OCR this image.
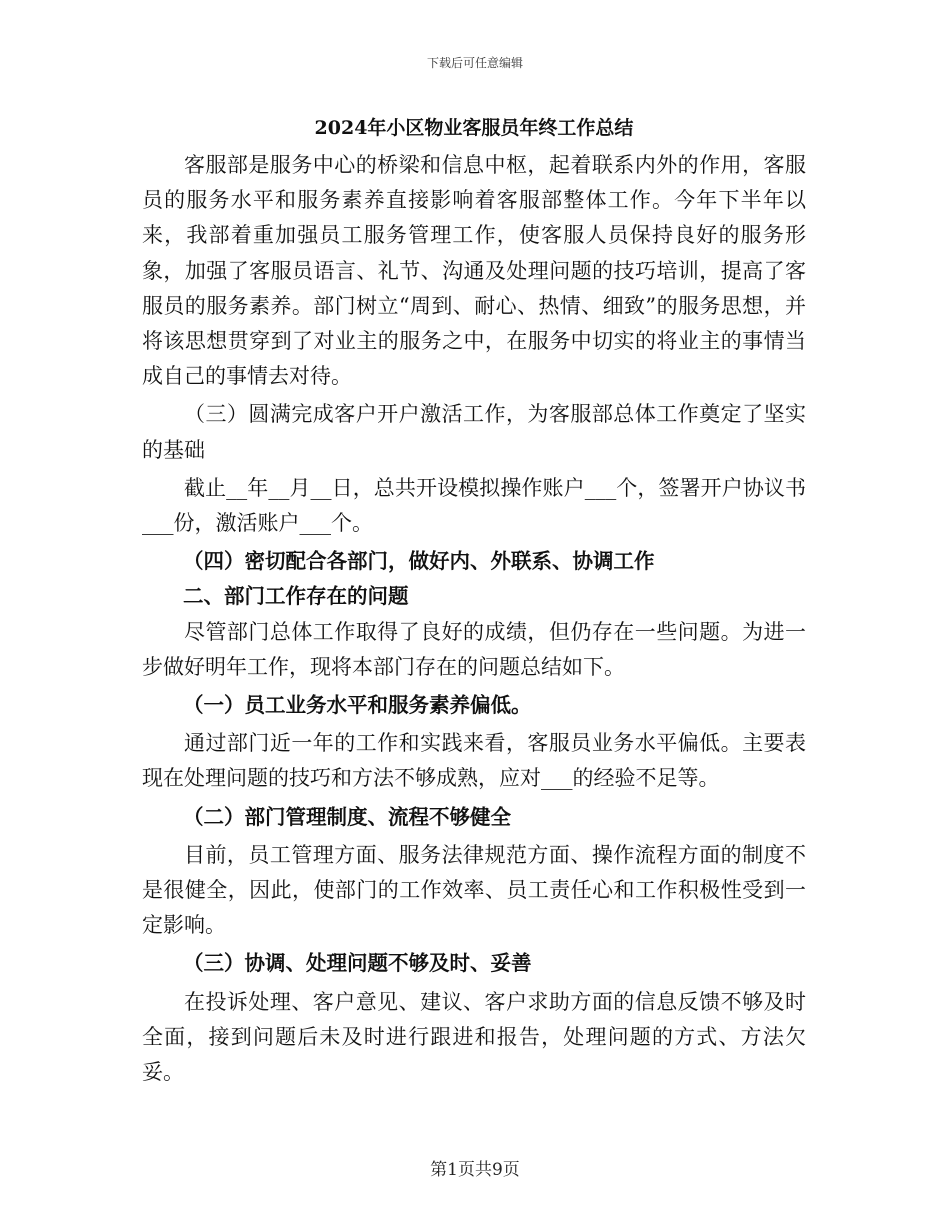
下载后可任意编辑
2024年小区物业客服员年终工作总结

客服部是服务中心的桥梁和信息中枢，起着联系内外的作用，客服员的服务水平和服务素养直接影响着客服部整体工作。今年下半年以来，我部着重加强员工服务管理工作，使客服人员保持良好的服务形象，加强了客服员语言、礼节、沟通及处理问题的技巧培训，提高了客服员的服务素养。部门树立“周到、耐心、热情、细致”的服务思想，并将该思想贯穿到了对业主的服务之中，在服务中切实的将业主的事情当成自己的事情去对待。

（三）圆满完成客户开户激活工作，为客服部总体工作奠定了坚实的基础

截止__年__月__日，总共开设模拟操作账户___个，签署开户协议书___份，激活账户___个。

（四）密切配合各部门，做好内、外联系、协调工作

二、部门工作存在的问题

尽管部门总体工作取得了良好的成绩，但仍存在一些问题。为进一步做好明年工作，现将本部门存在的问题总结如下。

（一）员工业务水平和服务素养偏低。

通过部门近一年的工作和实践来看，客服员业务水平偏低。主要表现在处理问题的技巧和方法不够成熟，应对___的经验不足等。

（二）部门管理制度、流程不够健全

目前，员工管理方面、服务法律规范方面、操作流程方面的制度不是很健全，因此，使部门的工作效率、员工责任心和工作积极性受到一定影响。

（三）协调、处理问题不够及时、妥善

在投诉处理、客户意见、建议、客户求助方面的信息反馈不够及时全面，接到问题后未及时进行跟进和报告，处理问题的方式、方法欠妥。

第1页共9页
